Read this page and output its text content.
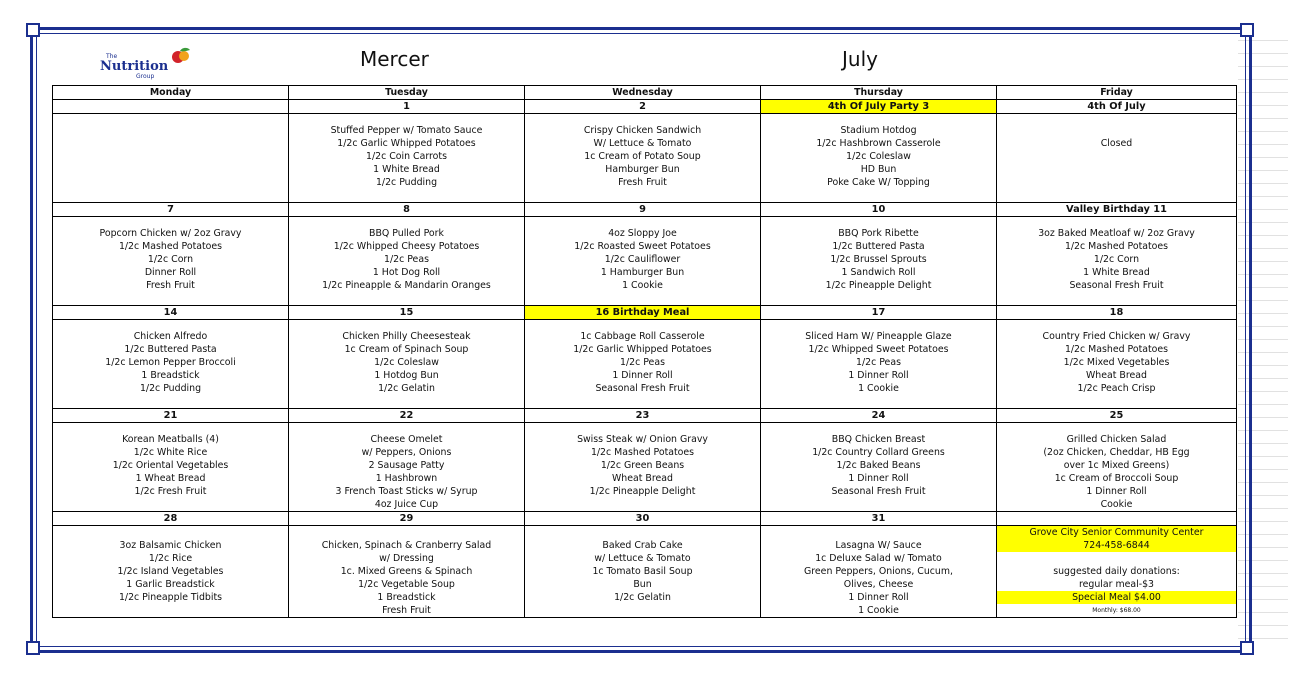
The
Nutrition
Group
Mercer	July
Monday	Tuesday	Wednesday	Thursday	Friday
	1	2	4th Of July Party 3	4th Of July

	Stuffed Pepper w/ Tomato Sauce	Crispy Chicken Sandwich	Stadium Hotdog	
	1/2c Garlic Whipped Potatoes	W/ Lettuce & Tomato	1/2c Hashbrown Casserole	Closed
	1/2c Coin Carrots	1c Cream of Potato Soup	1/2c Coleslaw	
	1 White Bread	Hamburger Bun	HD Bun	
	1/2c Pudding	Fresh Fruit	Poke Cake W/ Topping	

7	8	9	10	Valley Birthday 11

Popcorn Chicken w/ 2oz Gravy	BBQ Pulled Pork	4oz Sloppy Joe	BBQ Pork Ribette	3oz Baked Meatloaf w/ 2oz Gravy
1/2c Mashed Potatoes	1/2c Whipped Cheesy Potatoes	1/2c Roasted Sweet Potatoes	1/2c Buttered Pasta	1/2c Mashed Potatoes
1/2c Corn	1/2c Peas	1/2c Cauliflower	1/2c Brussel Sprouts	1/2c Corn
Dinner Roll	1 Hot Dog Roll	1 Hamburger Bun	1 Sandwich Roll	1 White Bread
Fresh Fruit	1/2c Pineapple & Mandarin Oranges	1 Cookie	1/2c Pineapple Delight	Seasonal Fresh Fruit

14	15	16 Birthday Meal	17	18

Chicken Alfredo	Chicken Philly Cheesesteak	1c Cabbage Roll Casserole	Sliced Ham W/ Pineapple Glaze	Country Fried Chicken w/ Gravy
1/2c Buttered Pasta	1c Cream of Spinach Soup	1/2c Garlic Whipped Potatoes	1/2c Whipped Sweet Potatoes	1/2c Mashed Potatoes
1/2c Lemon Pepper Broccoli	1/2c Coleslaw	1/2c Peas	1/2c Peas	1/2c Mixed Vegetables
1 Breadstick	1 Hotdog Bun	1 Dinner Roll	1 Dinner Roll	Wheat Bread
1/2c Pudding	1/2c Gelatin	Seasonal Fresh Fruit	1 Cookie	1/2c Peach Crisp

21	22	23	24	25

Korean Meatballs (4)	Cheese Omelet	Swiss Steak w/ Onion Gravy	BBQ Chicken Breast	Grilled Chicken Salad
1/2c White Rice	w/ Peppers, Onions	1/2c Mashed Potatoes	1/2c Country Collard Greens	(2oz Chicken, Cheddar, HB Egg
1/2c Oriental Vegetables	2 Sausage Patty	1/2c Green Beans	1/2c Baked Beans	over 1c Mixed Greens)
1 Wheat Bread	1 Hashbrown	Wheat Bread	1 Dinner Roll	1c Cream of Broccoli Soup
1/2c Fresh Fruit	3 French Toast Sticks w/ Syrup	1/2c Pineapple Delight	Seasonal Fresh Fruit	1 Dinner Roll
	4oz Juice Cup			Cookie
28	29	30	31	
				Grove City Senior Community Center
3oz Balsamic Chicken	Chicken, Spinach & Cranberry Salad	Baked Crab Cake	Lasagna W/ Sauce	724-458-6844
1/2c Rice	w/ Dressing	w/ Lettuce & Tomato	1c Deluxe Salad w/ Tomato	
1/2c Island Vegetables	1c. Mixed Greens & Spinach	1c Tomato Basil Soup	Green Peppers, Onions, Cucum,	suggested daily donations:
1 Garlic Breadstick	1/2c Vegetable Soup	Bun	Olives, Cheese	regular meal-$3
1/2c Pineapple Tidbits	1 Breadstick	1/2c Gelatin	1 Dinner Roll	Special Meal $4.00
	Fresh Fruit		1 Cookie	Monthly: $68.00
